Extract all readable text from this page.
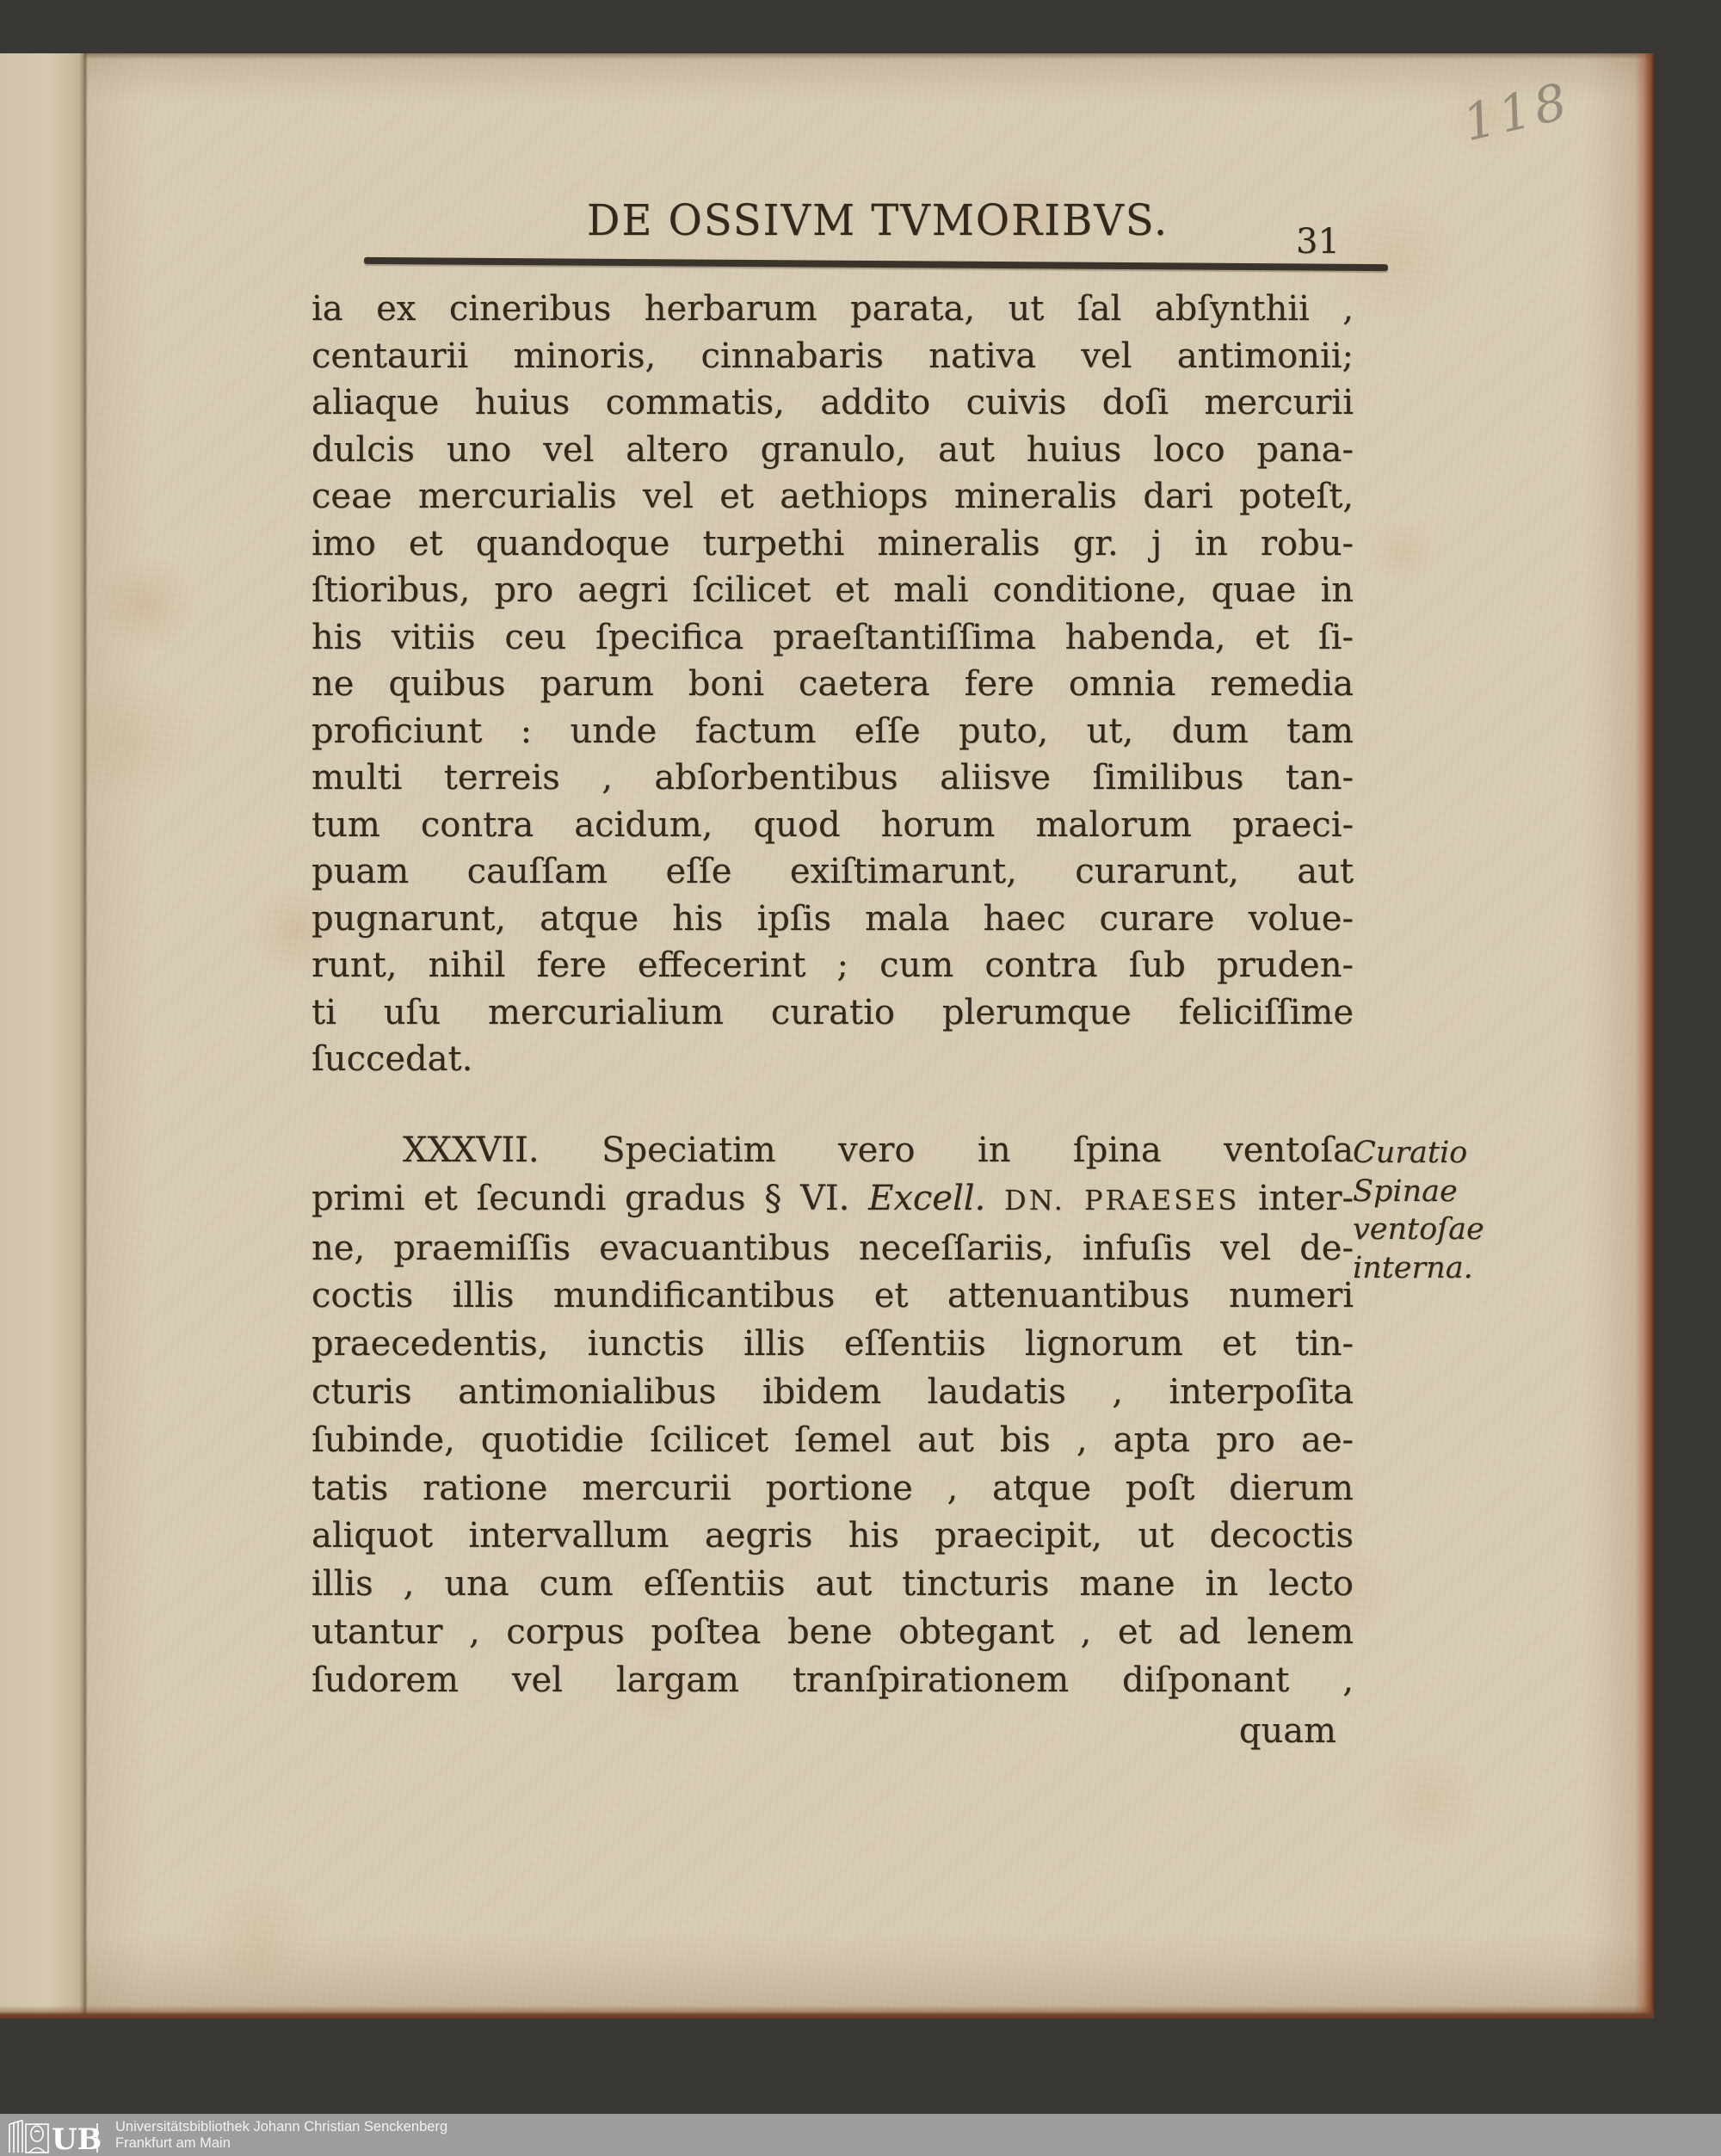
118
DE OSSIVM TVMORIBVS.	31
ia ex cineribus herbarum parata, ut ſal abſynthii ,
centaurii minoris, cinnabaris nativa vel antimonii;
aliaque huius commatis, addito cuivis doſi mercurii
dulcis uno vel altero granulo, aut huius loco pana-
ceae mercurialis vel et aethiops mineralis dari poteſt,
imo et quandoque turpethi mineralis gr. j in robu-
ſtioribus, pro aegri ſcilicet et mali conditione, quae in
his vitiis ceu ſpecifica praeſtantiſſima habenda, et ſi-
ne quibus parum boni caetera fere omnia remedia
proficiunt : unde factum eſſe puto, ut, dum tam
multi terreis , abſorbentibus aliisve ſimilibus tan-
tum contra acidum, quod horum malorum praeci-
puam cauſſam eſſe exiſtimarunt, curarunt, aut
pugnarunt, atque his ipſis mala haec curare volue-
runt, nihil fere effecerint ; cum contra ſub pruden-
ti uſu mercurialium curatio plerumque feliciſſime
ſuccedat.
XXXVII. Speciatim vero in ſpina ventoſa
primi et ſecundi gradus § VI. Excell. DN. PRAESES inter-
ne, praemiſſis evacuantibus neceſſariis, infuſis vel de-
coctis illis mundificantibus et attenuantibus numeri
praecedentis, iunctis illis eſſentiis lignorum et tin-
cturis antimonialibus ibidem laudatis , interpoſita
ſubinde, quotidie ſcilicet ſemel aut bis , apta pro ae-
tatis ratione mercurii portione , atque poſt dierum
aliquot intervallum aegris his praecipit, ut decoctis
illis , una cum eſſentiis aut tincturis mane in lecto
utantur , corpus poſtea bene obtegant , et ad lenem
ſudorem vel largam tranſpirationem diſponant ,
Curatio
Spinae
ventoſae
interna.
quam
UB Universitätsbibliothek Johann Christian Senckenberg
Frankfurt am Main
